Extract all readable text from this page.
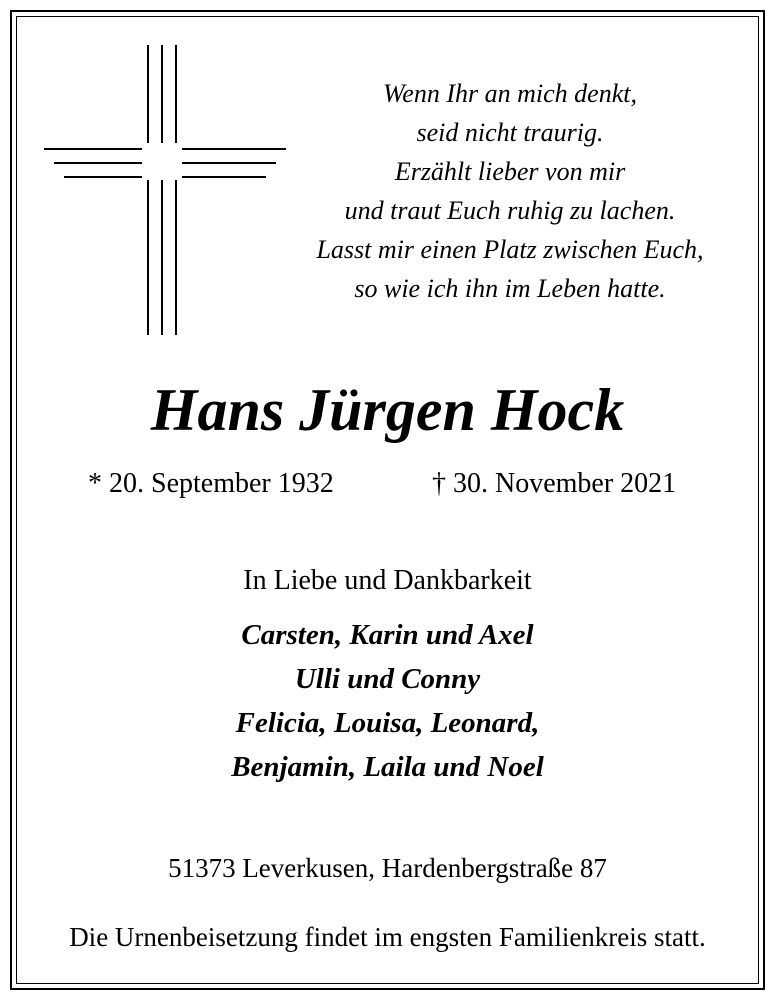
Wenn Ihr an mich denkt,
seid nicht traurig.
Erzählt lieber von mir
und traut Euch ruhig zu lachen.
Lasst mir einen Platz zwischen Euch,
so wie ich ihn im Leben hatte.
Hans Jürgen Hock
* 20. September 1932	† 30. November 2021
In Liebe und Dankbarkeit
Carsten, Karin und Axel
Ulli und Conny
Felicia, Louisa, Leonard,
Benjamin, Laila und Noel
51373 Leverkusen, Hardenbergstraße 87
Die Urnenbeisetzung findet im engsten Familienkreis statt.
